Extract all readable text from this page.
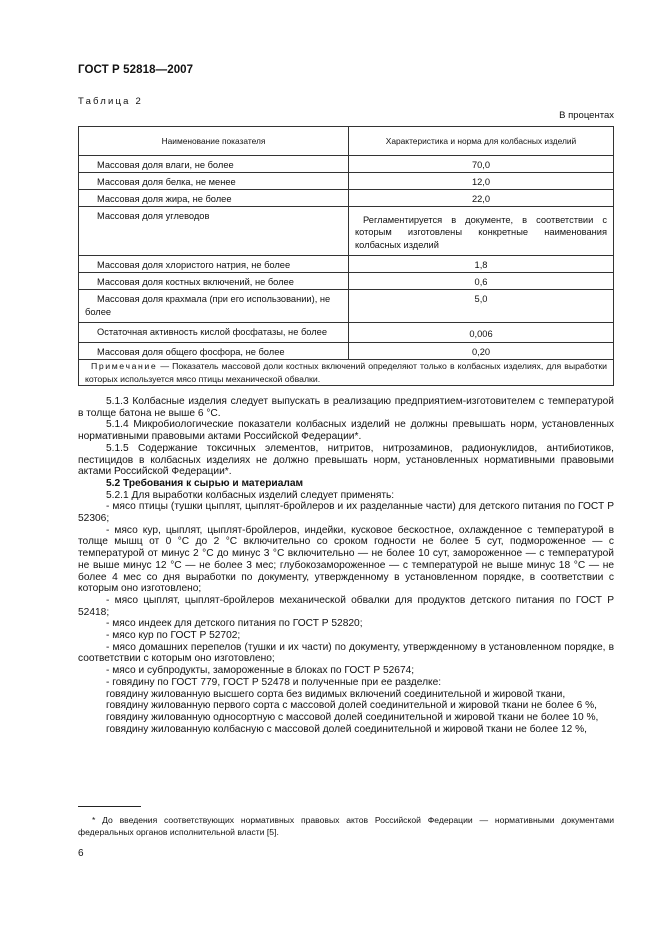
ГОСТ Р 52818—2007
Таблица 2
В процентах
Наименование показателя	Характеристика и норма для колбасных изделий
Массовая доля влаги, не более	70,0
Массовая доля белка, не менее	12,0
Массовая доля жира, не более	22,0
Массовая доля углеводов	Регламентируется в документе, в соответствии с которым изготовлены конкретные наименования колбасных изделий

Массовая доля хлористого натрия, не более	1,8
Массовая доля костных включений, не более	0,6
Массовая доля крахмала (при его использовании), не более	5,0
Остаточная активность кислой фосфатазы, не более	0,006
Массовая доля общего фосфора, не более	0,20
Примечание — Показатель массовой доли костных включений определяют только в колбасных изделиях, для выработки которых используется мясо птицы механической обвалки.	

5.1.3 Колбасные изделия следует выпускать в реализацию предприятием-изготовителем с температурой в толще батона не выше 6 °С.

5.1.4 Микробиологические показатели колбасных изделий не должны превышать норм, установленных нормативными правовыми актами Российской Федерации*.

5.1.5 Содержание токсичных элементов, нитритов, нитрозаминов, радионуклидов, антибиотиков, пестицидов в колбасных изделиях не должно превышать норм, установленных нормативными правовыми актами Российской Федерации*.

5.2 Требования к сырью и материалам

5.2.1 Для выработки колбасных изделий следует применять:

- мясо птицы (тушки цыплят, цыплят-бройлеров и их разделанные части) для детского питания по ГОСТ Р 52306;

- мясо кур, цыплят, цыплят-бройлеров, индейки, кусковое бескостное, охлажденное с температурой в толще мышц от 0 °С до 2 °С включительно со сроком годности не более 5 сут, подмороженное — с температурой от минус 2 °С до минус 3 °С включительно — не более 10 сут, замороженное — с температурой не выше минус 12 °С — не более 3 мес; глубокозамороженное — с температурой не выше минус 18 °С — не более 4 мес со дня выработки по документу, утвержденному в установленном порядке, в соответствии с которым оно изготовлено;

- мясо цыплят, цыплят-бройлеров механической обвалки для продуктов детского питания по ГОСТ Р 52418;

- мясо индеек для детского питания по ГОСТ Р 52820;

- мясо кур по ГОСТ Р 52702;

- мясо домашних перепелов (тушки и их части) по документу, утвержденному в установленном порядке, в соответствии с которым оно изготовлено;

- мясо и субпродукты, замороженные в блоках по ГОСТ Р 52674;

- говядину по ГОСТ 779, ГОСТ Р 52478 и полученные при ее разделке:

говядину жилованную высшего сорта без видимых включений соединительной и жировой ткани,

говядину жилованную первого сорта с массовой долей соединительной и жировой ткани не более 6 %,

говядину жилованную односортную с массовой долей соединительной и жировой ткани не более 10 %,

говядину жилованную колбасную с массовой долей соединительной и жировой ткани не более 12 %,

* До введения соответствующих нормативных правовых актов Российской Федерации — нормативными документами федеральных органов исполнительной власти [5].

6
